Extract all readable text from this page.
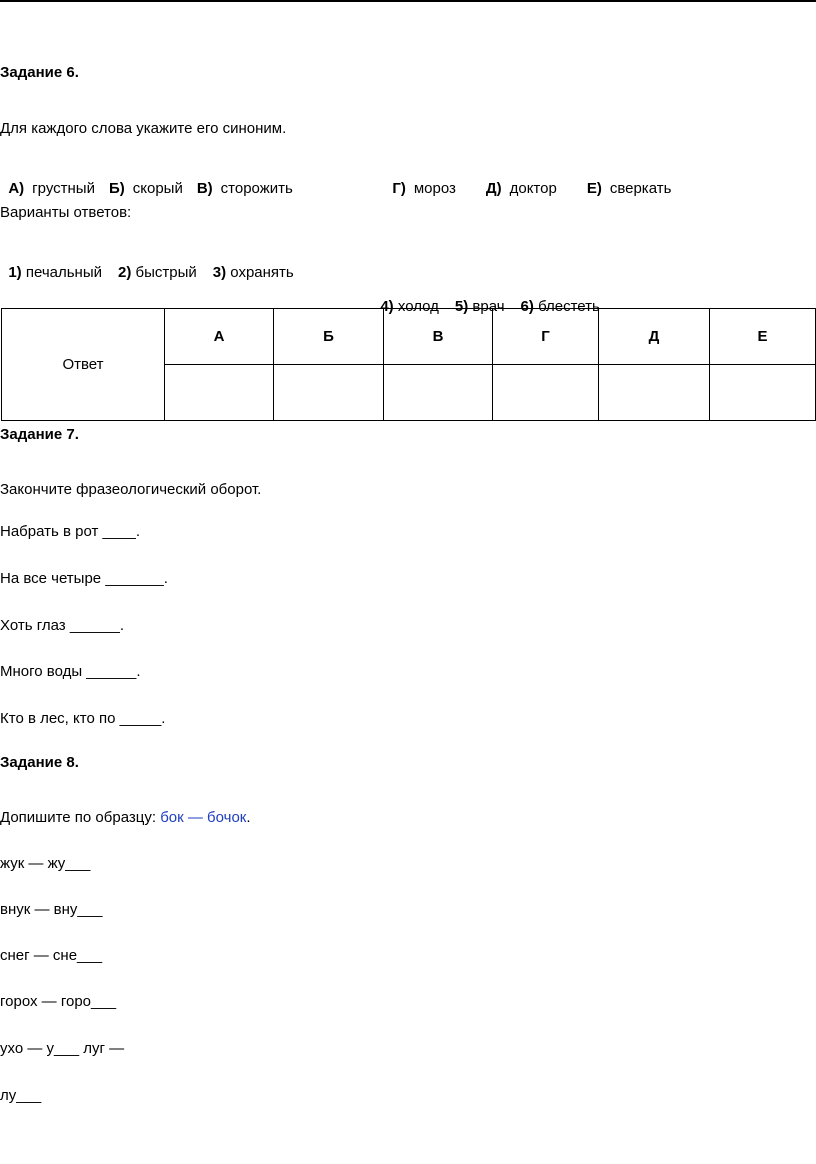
Задание 6.
Для каждого слова укажите его синоним.

А) грустный Б) скорый В) сторожить	Г) мороз Д) доктор Е) сверкать

Варианты ответов:

1) печальный 2) быстрый 3) охранять

4) холод 5) врач 6) блестеть

Ответ	А	Б	В	Г	Д	Е

Задание 7.
Закончите фразеологический оборот.
Набрать в рот ____.
На все четыре _______.
Хоть глаз ______.
Много воды ______.
Кто в лес, кто по _____.
Задание 8.
Допишите по образцу: бок — бочок.
жук — жу___
внук — вну___
снег — сне___
горох — горо___
ухо — у___ луг —
лу___
